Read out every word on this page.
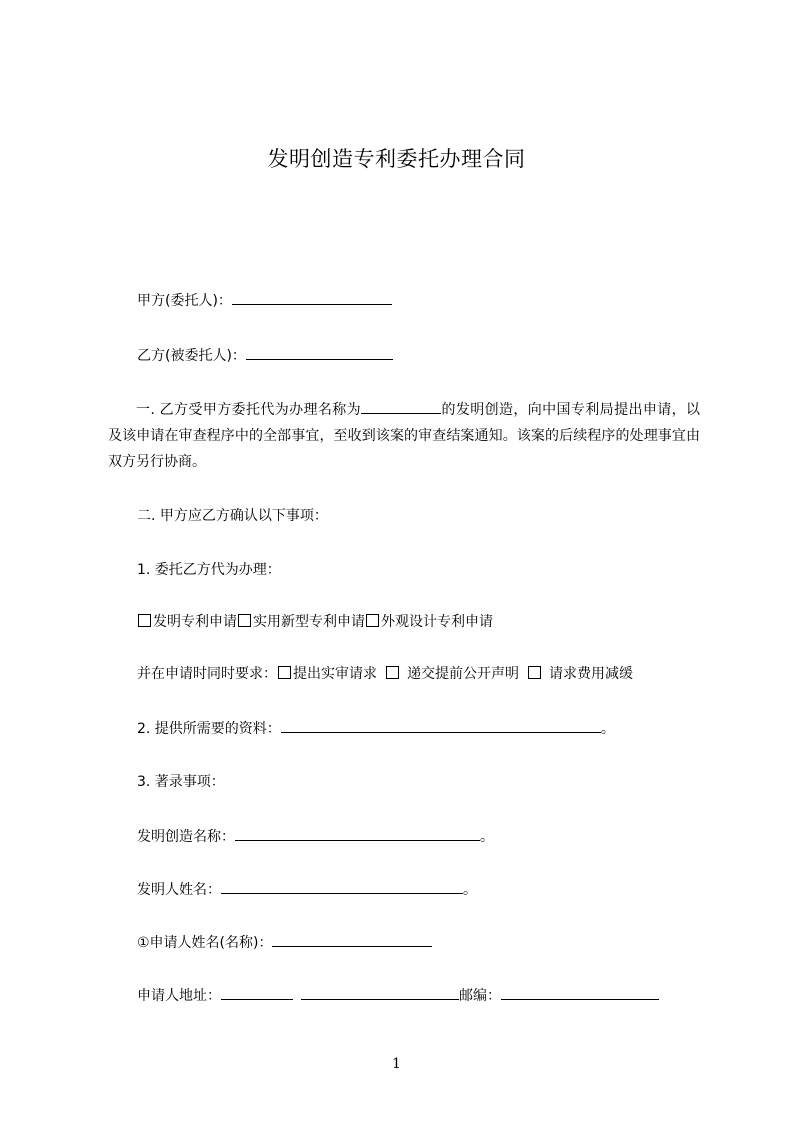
发明创造专利委托办理合同
甲方(委托人)：
乙方(被委托人)：
一. 乙方受甲方委托代为办理名称为	的发明创造，向中国专利局提出申请，以及该申请在审查程序中的全部事宜，至收到该案的审查结案通知。该案的后续程序的处理事宜由双方另行协商。
二. 甲方应乙方确认以下事项：
1. 委托乙方代为办理：
发明专利申请 实用新型专利申请 外观设计专利申请
并在申请时同时要求： 提出实审请求 递交提前公开声明 请求费用减缓
2. 提供所需要的资料：	。
3. 著录事项：
发明创造名称：	。
发明人姓名：	。
①申请人姓名(名称)：
申请人地址：	邮编：
1
